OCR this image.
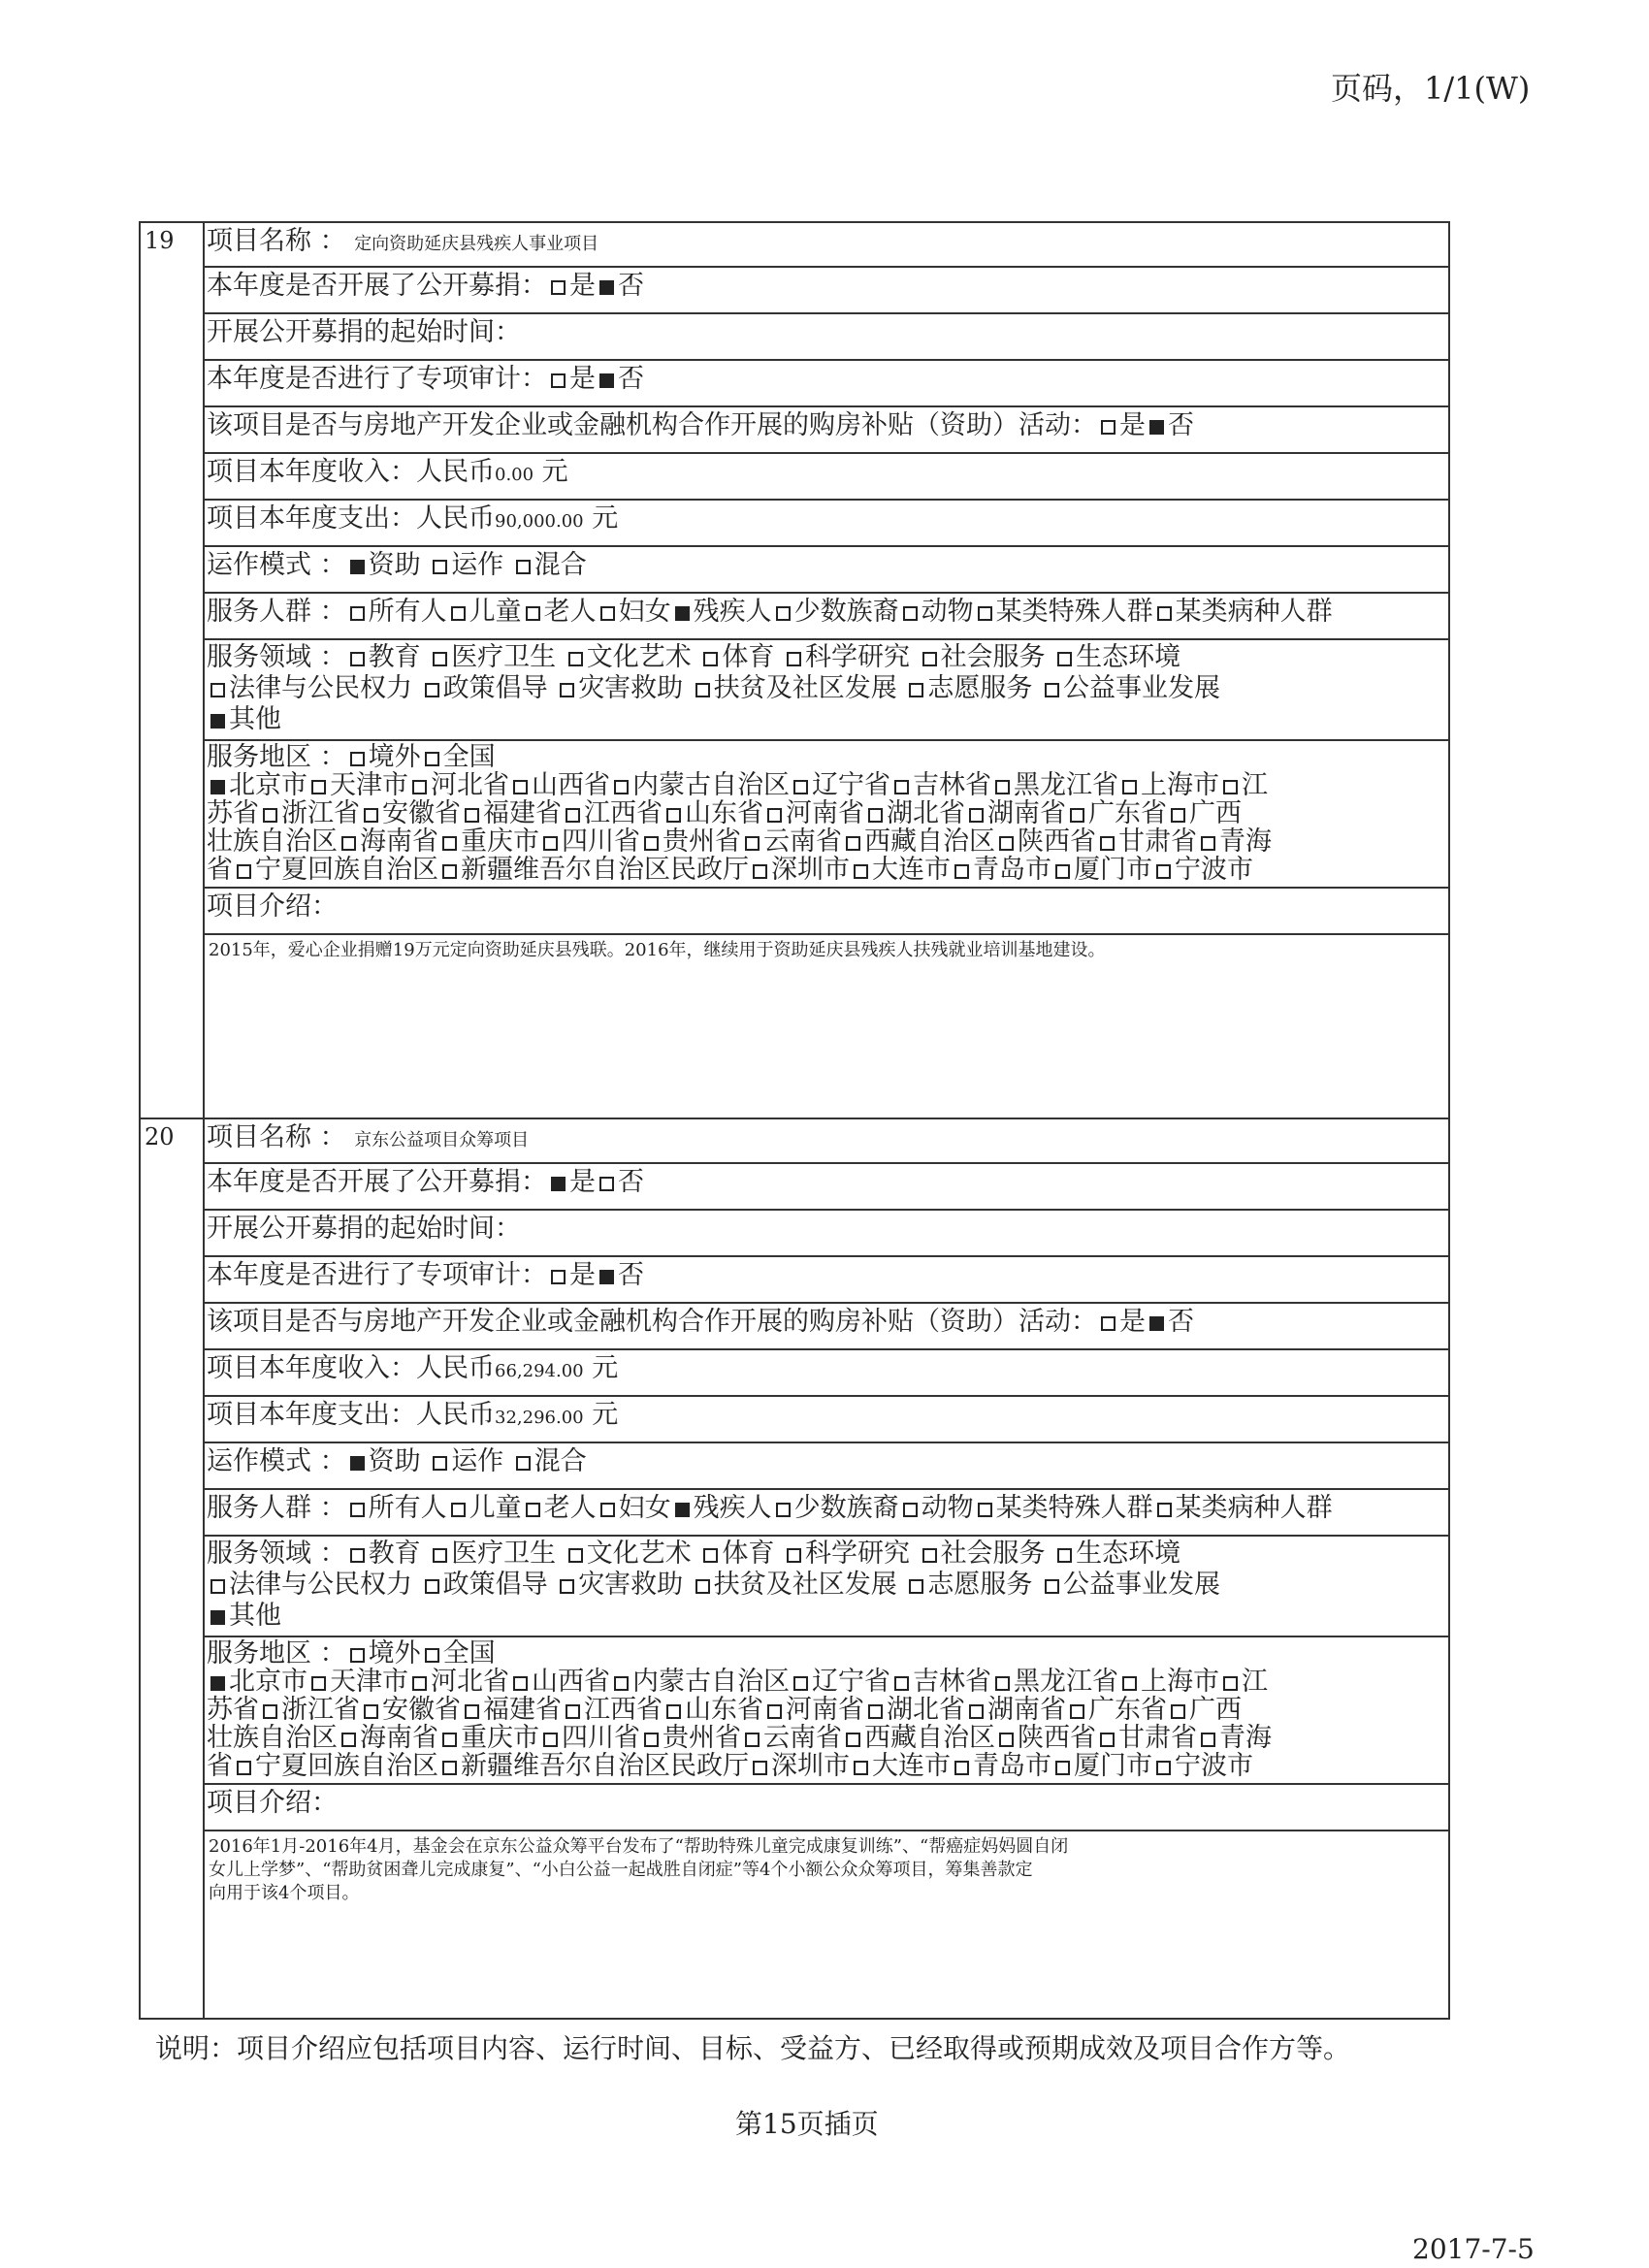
页码，1/1(W)
19 项目名称 ： 定向资助延庆县残疾人事业项目
本年度是否开展了公开募捐： 是 否
开展公开募捐的起始时间：
本年度是否进行了专项审计： 是 否
该项目是否与房地产开发企业或金融机构合作开展的购房补贴（资助）活动： 是 否
项目本年度收入：人民币0.00 元
项目本年度支出：人民币90,000.00 元
运作模式 ： 资助 运作 混合
服务人群 ： 所有人 儿童 老人 妇女 残疾人 少数族裔 动物 某类特殊人群 某类病种人群
服务领域 ： 教育 医疗卫生 文化艺术 体育 科学研究 社会服务 生态环境
法律与公民权力 政策倡导 灾害救助 扶贫及社区发展 志愿服务 公益事业发展
其他
服务地区 ： 境外 全国
北京市 天津市 河北省 山西省 内蒙古自治区 辽宁省 吉林省 黑龙江省 上海市 江
苏省 浙江省 安徽省 福建省 江西省 山东省 河南省 湖北省 湖南省 广东省 广西
壮族自治区 海南省 重庆市 四川省 贵州省 云南省 西藏自治区 陕西省 甘肃省 青海
省 宁夏回族自治区 新疆维吾尔自治区民政厅 深圳市 大连市 青岛市 厦门市 宁波市
项目介绍：
2015年，爱心企业捐赠19万元定向资助延庆县残联。2016年，继续用于资助延庆县残疾人扶残就业培训基地建设。
20 项目名称 ： 京东公益项目众筹项目
本年度是否开展了公开募捐： 是 否
开展公开募捐的起始时间：
本年度是否进行了专项审计： 是 否
该项目是否与房地产开发企业或金融机构合作开展的购房补贴（资助）活动： 是 否
项目本年度收入：人民币66,294.00 元
项目本年度支出：人民币32,296.00 元
运作模式 ： 资助 运作 混合
服务人群 ： 所有人 儿童 老人 妇女 残疾人 少数族裔 动物 某类特殊人群 某类病种人群
服务领域 ： 教育 医疗卫生 文化艺术 体育 科学研究 社会服务 生态环境
法律与公民权力 政策倡导 灾害救助 扶贫及社区发展 志愿服务 公益事业发展
其他
服务地区 ： 境外 全国
北京市 天津市 河北省 山西省 内蒙古自治区 辽宁省 吉林省 黑龙江省 上海市 江
苏省 浙江省 安徽省 福建省 江西省 山东省 河南省 湖北省 湖南省 广东省 广西
壮族自治区 海南省 重庆市 四川省 贵州省 云南省 西藏自治区 陕西省 甘肃省 青海
省 宁夏回族自治区 新疆维吾尔自治区民政厅 深圳市 大连市 青岛市 厦门市 宁波市
项目介绍：
2016年1月-2016年4月，基金会在京东公益众筹平台发布了“帮助特殊儿童完成康复训练”、“帮癌症妈妈圆自闭
女儿上学梦”、“帮助贫困聋儿完成康复”、“小白公益一起战胜自闭症”等4个小额公众众筹项目，筹集善款定
向用于该4个项目。
说明：项目介绍应包括项目内容、运行时间、目标、受益方、已经取得或预期成效及项目合作方等。
第15页插页
2017-7-5
